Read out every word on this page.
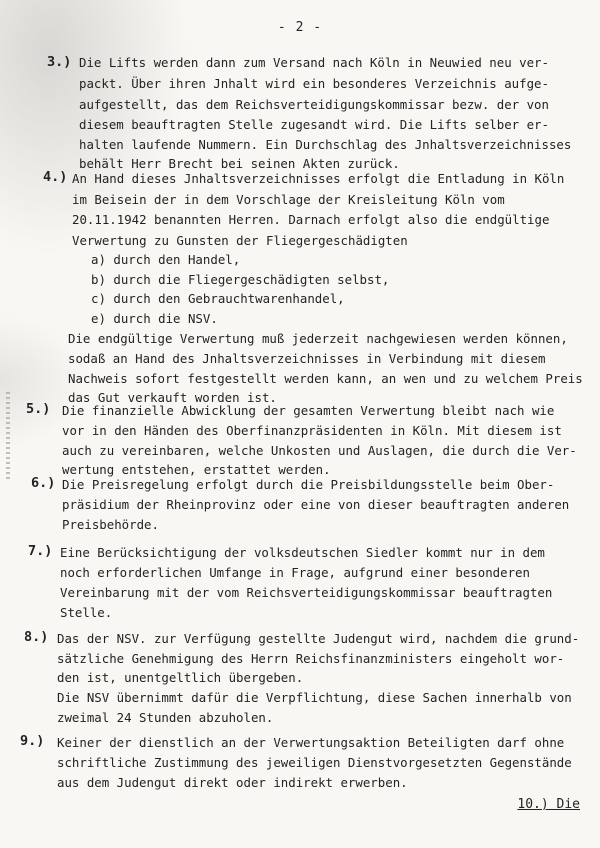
- 2 -
3.) Die Lifts werden dann zum Versand nach Köln in Neuwied neu ver-
packt. Über ihren Jnhalt wird ein besonderes Verzeichnis aufge-
aufgestellt, das dem Reichsverteidigungskommissar bezw. der von
diesem beauftragten Stelle zugesandt wird. Die Lifts selber er-
halten laufende Nummern. Ein Durchschlag des Jnhaltsverzeichnisses
behält Herr Brecht bei seinen Akten zurück.
4.) An Hand dieses Jnhaltsverzeichnisses erfolgt die Entladung in Köln
im Beisein der in dem Vorschlage der Kreisleitung Köln vom
20.11.1942 benannten Herren. Darnach erfolgt also die endgültige
Verwertung zu Gunsten der Fliegergeschädigten
a) durch den Handel,
b) durch die Fliegergeschädigten selbst,
c) durch den Gebrauchtwarenhandel,
e) durch die NSV.
Die endgültige Verwertung muß jederzeit nachgewiesen werden können,
sodaß an Hand des Jnhaltsverzeichnisses in Verbindung mit diesem
Nachweis sofort festgestellt werden kann, an wen und zu welchem Preis
das Gut verkauft worden ist.
5.) Die finanzielle Abwicklung der gesamten Verwertung bleibt nach wie
vor in den Händen des Oberfinanzpräsidenten in Köln. Mit diesem ist
auch zu vereinbaren, welche Unkosten und Auslagen, die durch die Ver-
wertung entstehen, erstattet werden.
6.) Die Preisregelung erfolgt durch die Preisbildungsstelle beim Ober-
präsidium der Rheinprovinz oder eine von dieser beauftragten anderen
Preisbehörde.
7.) Eine Berücksichtigung der volksdeutschen Siedler kommt nur in dem
noch erforderlichen Umfange in Frage, aufgrund einer besonderen
Vereinbarung mit der vom Reichsverteidigungskommissar beauftragten
Stelle.
8.) Das der NSV. zur Verfügung gestellte Judengut wird, nachdem die grund-
sätzliche Genehmigung des Herrn Reichsfinanzministers eingeholt wor-
den ist, unentgeltlich übergeben.
Die NSV übernimmt dafür die Verpflichtung, diese Sachen innerhalb von
zweimal 24 Stunden abzuholen.
9.) Keiner der dienstlich an der Verwertungsaktion Beteiligten darf ohne
schriftliche Zustimmung des jeweiligen Dienstvorgesetzten Gegenstände
aus dem Judengut direkt oder indirekt erwerben.
10.) Die
